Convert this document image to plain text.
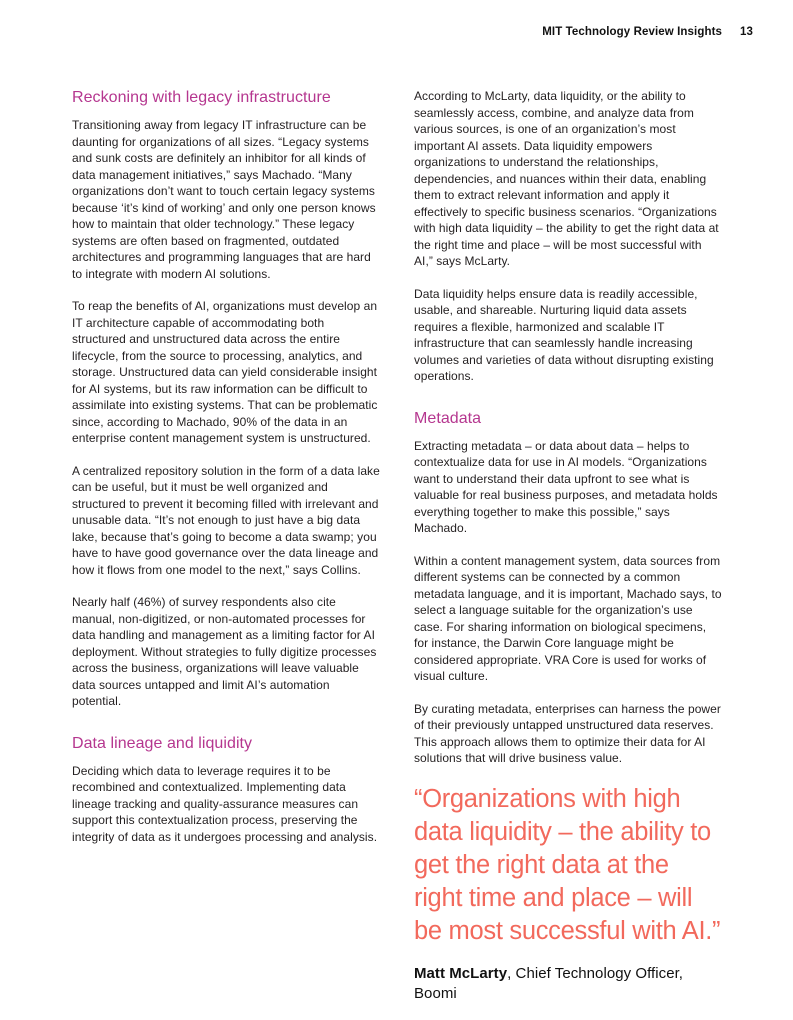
MIT Technology Review Insights 13
Reckoning with legacy infrastructure

Transitioning away from legacy IT infrastructure can be daunting for organizations of all sizes. “Legacy systems and sunk costs are definitely an inhibitor for all kinds of data management initiatives,” says Machado. “Many organizations don’t want to touch certain legacy systems because ‘it’s kind of working’ and only one person knows how to maintain that older technology.” These legacy systems are often based on fragmented, outdated architectures and programming languages that are hard to integrate with modern AI solutions.

To reap the benefits of AI, organizations must develop an IT architecture capable of accommodating both structured and unstructured data across the entire lifecycle, from the source to processing, analytics, and storage. Unstructured data can yield considerable insight for AI systems, but its raw information can be difficult to assimilate into existing systems. That can be problematic since, according to Machado, 90% of the data in an enterprise content management system is unstructured.

A centralized repository solution in the form of a data lake can be useful, but it must be well organized and structured to prevent it becoming filled with irrelevant and unusable data. “It’s not enough to just have a big data lake, because that’s going to become a data swamp; you have to have good governance over the data lineage and how it flows from one model to the next,” says Collins.

Nearly half (46%) of survey respondents also cite manual, non-digitized, or non-automated processes for data handling and management as a limiting factor for AI deployment. Without strategies to fully digitize processes across the business, organizations will leave valuable data sources untapped and limit AI’s automation potential.

Data lineage and liquidity

Deciding which data to leverage requires it to be recombined and contextualized. Implementing data lineage tracking and quality-assurance measures can support this contextualization process, preserving the integrity of data as it undergoes processing and analysis.

According to McLarty, data liquidity, or the ability to seamlessly access, combine, and analyze data from various sources, is one of an organization’s most important AI assets. Data liquidity empowers organizations to understand the relationships, dependencies, and nuances within their data, enabling them to extract relevant information and apply it effectively to specific business scenarios. “Organizations with high data liquidity – the ability to get the right data at the right time and place – will be most successful with AI,” says McLarty.

Data liquidity helps ensure data is readily accessible, usable, and shareable. Nurturing liquid data assets requires a flexible, harmonized and scalable IT infrastructure that can seamlessly handle increasing volumes and varieties of data without disrupting existing operations.

Metadata

Extracting metadata – or data about data – helps to contextualize data for use in AI models. “Organizations want to understand their data upfront to see what is valuable for real business purposes, and metadata holds everything together to make this possible,” says Machado.

Within a content management system, data sources from different systems can be connected by a common metadata language, and it is important, Machado says, to select a language suitable for the organization’s use case. For sharing information on biological specimens, for instance, the Darwin Core language might be considered appropriate. VRA Core is used for works of visual culture.

By curating metadata, enterprises can harness the power of their previously untapped unstructured data reserves. This approach allows them to optimize their data for AI solutions that will drive business value.

“Organizations with high data liquidity – the ability to get the right data at the right time and place – will be most successful with AI.”

Matt McLarty, Chief Technology Officer, Boomi
